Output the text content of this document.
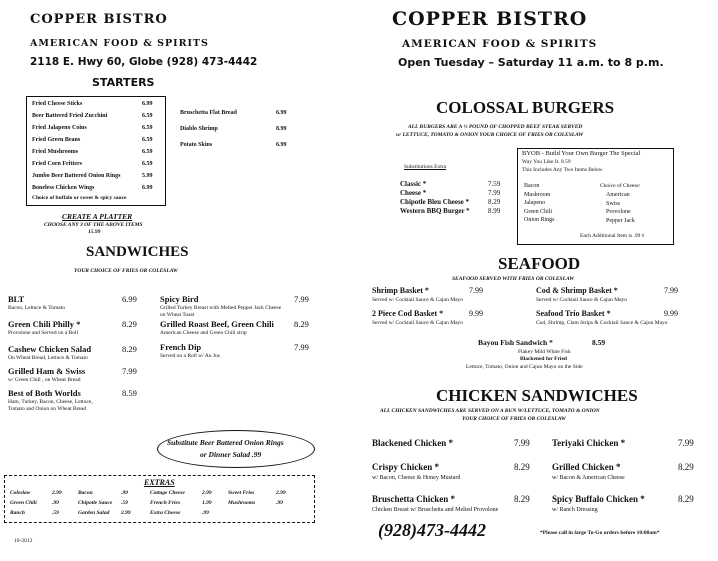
COPPER BISTRO
AMERICAN FOOD & SPIRITS
2118 E. Hwy 60, Globe (928) 473-4442
STARTERS
Choice of buffalo or sweet & spicy sauce
CREATE A PLATTER
CHOOSE ANY 3 OF THE ABOVE ITEMS
15.99
SANDWICHES
YOUR CHOICE OF FRIES OR COLESLAW
Substitute Beer Battered Onion Rings
or Dinner Salad .99
EXTRAS
10-2013
COPPER BISTRO
AMERICAN FOOD & SPIRITS
Open Tuesday – Saturday 11 a.m. to 8 p.m.
COLOSSAL BURGERS
ALL BURGERS ARE A ½ POUND OF CHOPPED BEEF STEAK SERVED
w/ LETTUCE, TOMATO & ONION YOUR CHOICE OF FRIES OR COLESLAW
Substitutions Extra
BYOB - Build Your Own Burger The Special
Way You Like It. 8.59
This Includes Any Two Items Below
Choice of Cheese:
Each Additional Item is .99 ¢
SEAFOOD
SEAFOOD SERVED WITH FRIES OR COLESLAW
Bayou Fish Sandwich *	8.59
Flakey Mild White Fish
Blackened for Fried
Lettuce, Tomato, Onion and Cajun Mayo on the Side
CHICKEN SANDWICHES
ALL CHICKEN SANDWICHES ARE SERVED ON A BUN W/LETTUCE, TOMATO & ONION
YOUR CHOICE OF FRIES OR COLESLAW
(928)473-4442	*Please call in large To-Go orders before 10:00am*
Fried Cheese Sticks	6.99
Beer Battered Fried Zucchini	6.59
Fried Jalapeno Coins	6.59
Fried Green Beans	6.59
Fried Mushrooms	6.59
Fried Corn Fritters	6.59
Jumbo Beer Battered Onion Rings	5.99
Boneless Chicken Wings	6.99
Bruschetta Flat Bread	6.99
Diablo Shrimp	8.99
Potato Skins	6.99
BLT	6.99
Bacon, Lettuce & Tomato
Green Chili Philly *	8.29
Provolone and Served on a Roll
Cashew Chicken Salad	8.29
On Wheat Bread, Lettuce & Tomato
Grilled Ham & Swiss	7.99
w/ Green Chili , on Wheat Bread
Best of Both Worlds	8.59
Ham, Turkey, Bacon, Cheese, Lettuce,
Tomato and Onion on Wheat Bread
Spicy Bird	7.99
Grilled Turkey Breast with Melted Pepper Jack Cheese
on Wheat Toast
Grilled Roast Beef, Green Chili 8.29
American Cheese and Green Chili strip
French Dip	7.99
Served on a Roll w/ Au Jus
Coleslaw	2.99	Bacon	.99	Cottage Cheese	2.99	Sweet Fries	2.99
Green Chili	.99	Chipotle Sauce .59	French Fries	1.99	Mushrooms	.99
Ranch	.59	Garden Salad 2.99	Extra Cheese	.99
Classic *	7.59
Cheese *	7.99
Chipotle Bleu Cheese *	8.29
Western BBQ Burger *	8.99
Bacon
Mushroom
Jalapeno
Green Chili
Onion Rings
American
Swiss
Provolone
Pepper Jack
Shrimp Basket *	7.99
Served w/ Cocktail Sauce & Cajun Mayo
Cod & Shrimp Basket *	7.99
Served w/ Cocktail Sauce & Cajun Mayo
2 Piece Cod Basket *	9.99
Served w/ Cocktail Sauce & Cajun Mayo
Seafood Trio Basket *	9.99
Cod, Shrimp, Clam Strips & Cocktail Sauce & Cajun Mayo
Blackened Chicken *	7.99 Teriyaki Chicken *	7.99
Crispy Chicken *	8.29
w/ Bacon, Cheese & Honey Mustard
Grilled Chicken *	8.29
w/ Bacon & American Cheese
Bruschetta Chicken *	8.29
Chicken Breast w/ Bruschetta and Melted Provolone
Spicy Buffalo Chicken *	8.29
w/ Ranch Dressing
